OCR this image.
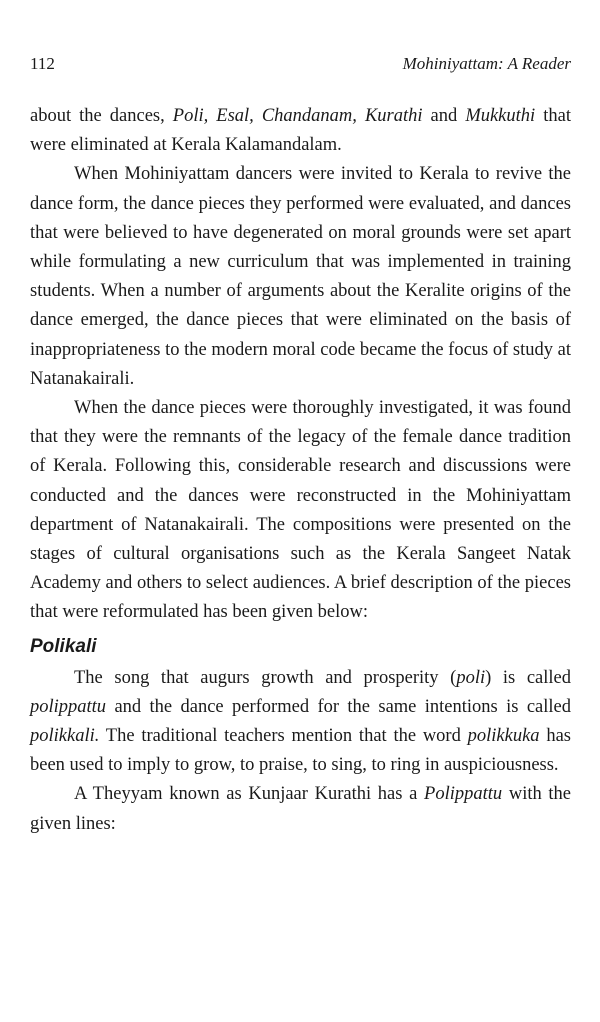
112	Mohiniyattam: A Reader

about the dances, Poli, Esal, Chandanam, Kurathi and Mukkuthi that were eliminated at Kerala Kalamandalam.

When Mohiniyattam dancers were invited to Kerala to revive the dance form, the dance pieces they performed were evaluated, and dances that were believed to have degenerated on moral grounds were set apart while formulating a new curriculum that was implemented in training students. When a number of arguments about the Keralite origins of the dance emerged, the dance pieces that were eliminated on the basis of inappropriateness to the modern moral code became the focus of study at Natanakairali.

When the dance pieces were thoroughly investigated, it was found that they were the remnants of the legacy of the female dance tradition of Kerala. Following this, considerable research and discussions were conducted and the dances were reconstructed in the Mohiniyattam department of Natanakairali. The compositions were presented on the stages of cultural organisations such as the Kerala Sangeet Natak Academy and others to select audiences. A brief description of the pieces that were reformulated has been given below:

Polikali

The song that augurs growth and prosperity (poli) is called polippattu and the dance performed for the same intentions is called polikkali. The traditional teachers mention that the word polikkuka has been used to imply to grow, to praise, to sing, to ring in auspiciousness.

A Theyyam known as Kunjaar Kurathi has a Polippattu with the given lines:
